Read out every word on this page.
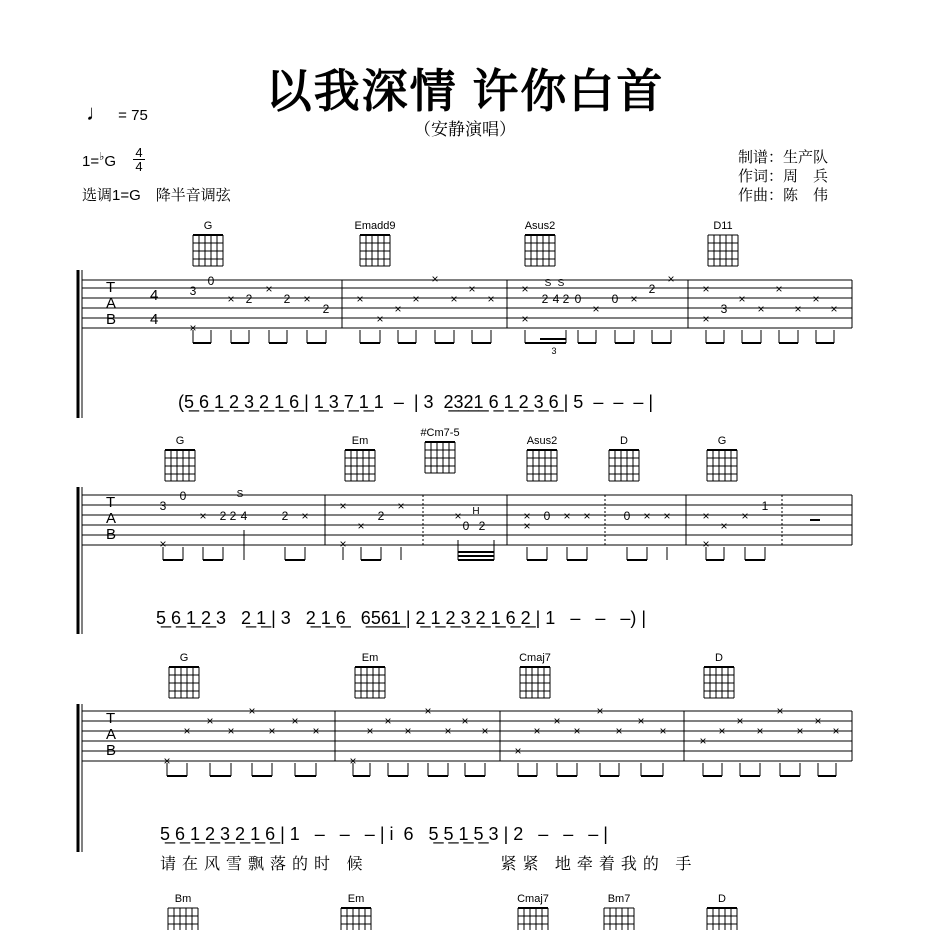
以我深情 许你白首
（安静演唱）
♩ = 75
1=♭G
4
4
选调1=G　降半音调弦
制谱：生产队
作词：周　兵
作曲：陈　伟
G	Emadd9	Asus2	D11
3
0
2	2
2
×
×
×
×
×
×
×
×
×
×
×
×
×
2 4 2 0
S S
×
0 ×
2
×
×
×
3
×
×
×
×
×
×
×
3
T
A
B
4
4
(5̲ 6̲ 1̲ 2̲ 3̲ 2̲ 1̲ 6̲ | 1̲ 3̲ 7̲ 1̲ 1  –  | 3  2̲3̲2̲1̲ 6̲ 1̲ 2̲ 3̲ 6̲ | 5  –  –  – |
G	Em
#Cm7-5
Asus2	D	G
3
0
× 2 2 4
S
2 ×
×
×
×
2
×
×
× H
0 2
× 0 × ×
×
0 × ×	×
×
×
1
×
T
A
B
5̲ 6̲ 1̲ 2̲ 3   2̲ 1̲ | 3   2̲ 1̲ 6̲   6̲5̲6̲1̲ | 2̲ 1̲ 2̲ 3̲ 2̲ 1̲ 6̲ 2̲ | 1   –   –   –) |
G	Em	Cmaj7	D
×
×
×
×
×
×
×
×
×
×
×
×
×
×
×
×
×
×
×
×
×
×
×
×
×
×
×
×
×
×
×
×
T
A
B
5̲ 6̲ 1̲ 2̲ 3̲ 2̲ 1̲ 6̲ | 1   –   –   – | i  6   5̲ 5̲ 1̲ 5̲ 3 | 2   –   –   – |
请在风雪飘落的时 候　　　　　　紧紧 地牵着我的 手
Bm	Em	Cmaj7	Bm7	D
